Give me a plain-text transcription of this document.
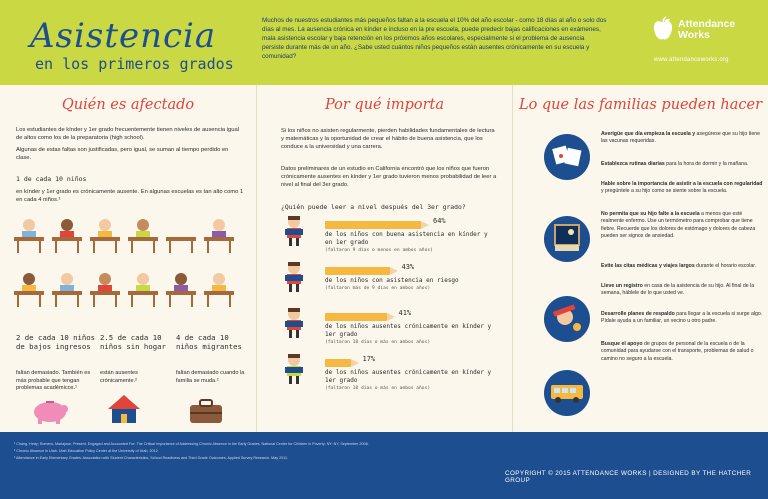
Asistencia
en los primeros grados
Muchos de nuestros estudiantes más pequeños faltan a la escuela el 10% del año escolar - como 18 días al año o solo dos días al mes. La ausencia crónica en kínder e incluso en la pre escuela, puede predecir bajas calificaciones en exámenes, mala asistencia escolar y baja retención en los próximos años escolares, especialmente si el problema de ausencia persiste durante más de un año. ¿Sabe usted cuántos niños pequeños están ausentes crónicamente en su escuela y comunidad?
Attendance
Works
www.attendanceworks.org
Quién es afectado
Los estudiantes de kínder y 1er grado frecuentemente tienen niveles de ausencia igual de altos como los de la preparatoria (high school).
Algunas de estas faltas son justificadas, pero igual, se suman al tiempo perdido en clase.
1 de cada 10 niños
en kínder y 1er grado es crónicamente ausente. En algunas escuelas es tan alto como 1 en cada 4 niños.¹
2 de cada 10 niños de bajos ingresos
faltan demasiado. También es más probable que tengan problemas académicos.¹
2.5 de cada 10 niños sin hogar
están ausentes crónicamente.²
4 de cada 10 niños migrantes
faltan demasiado cuando la familia se muda.²
Por qué importa
Si los niños no asisten regularmente, pierden habilidades fundamentales de lectura y matemáticas y la oportunidad de crear el hábito de buena asistencia, que los conduce a la universidad y una carrera.
Datos preliminares de un estudio en California encontró que los niños que fueron crónicamente ausentes en kínder y 1er grado tuvieron menos probabilidad de leer a nivel al final del 3er grado.
¿Quién puede leer a nivel después del 3er grado?
64%
de los niños con buena asistencia en kínder y en 1er grado
(faltaron 9 días o menos en ambos años)
43%
de los niños con asistencia en riesgo
(faltaron más de 9 días en ambos años)
41%
de los niños ausentes crónicamente en kínder y 1er grado
(faltaron 18 días o más en ambos años)
17%
de los niños ausentes crónicamente en kínder y 1er grado
(faltaron 18 días o más en ambos años)
Lo que las familias pueden hacer
Averigüe que día empieza la escuela y asegúrese que su hijo tiene las vacunas requeridas.
Establezca rutinas diarias para la hora de dormir y la mañana.
Hable sobre la importancia de asistir a la escuela con regularidad y pregúntele a su hijo como se siente sobre la escuela.
No permita que su hijo falte a la escuela a menos que esté realmente enfermo. Use un termómetro para comprobar que tiene fiebre. Recuerde que los dolores de estómago y dolores de cabeza pueden ser signos de ansiedad.
Evite las citas médicas y viajes largos durante el horario escolar.
Lleve un registro en casa de la asistencia de su hijo. Al final de la semana, háblele de lo que usted ve.
Desarrolle planes de respaldo para llegar a la escuela si surge algo. Pídale ayuda a un familiar, un vecino u otro padre.
Busque el apoyo de grupos de personal de la escuela o de la comunidad para ayudarse con el transporte, problemas de salud o camino no seguro a la escuela.
¹ Chang, Hedy; Romero, Mariajose, Present, Engaged and Accounted For: The Critical Importance of Addressing Chronic Absence in the Early Grades, National Center for Children in Poverty: NY: NY, September 2008.
² Chronic Absence in Utah. Utah Education Policy Center at the University of Utah, 2012.
³ Attendance in Early Elementary Grades: Association with Student Characteristics, School Readiness and Third Grade Outcomes, Applied Survey Research. May 2011.
COPYRIGHT © 2015 ATTENDANCE WORKS | DESIGNED BY THE HATCHER GROUP
